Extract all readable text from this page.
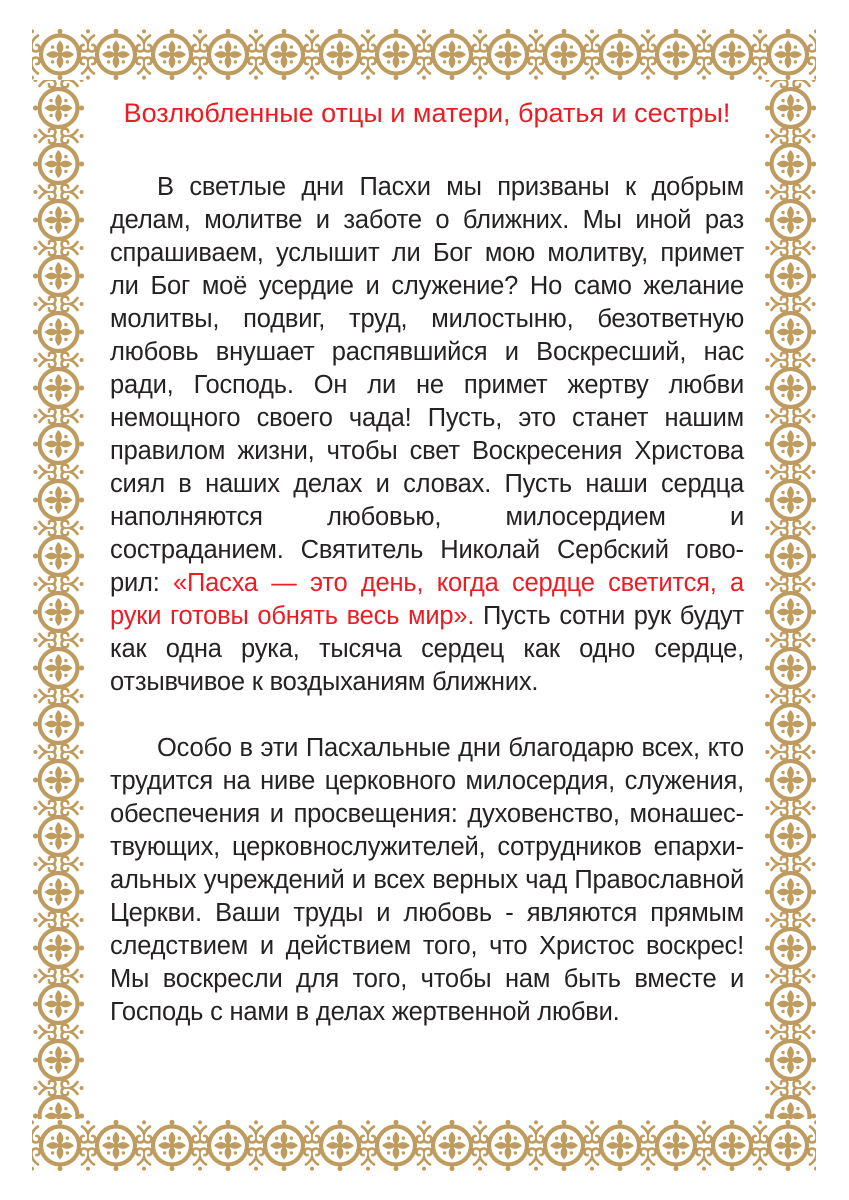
Возлюбленные отцы и матери, братья и сестры!

В светлые дни Пасхи мы призваны к добрым делам, молитве и заботе о ближних. Мы иной раз спрашиваем, услышит ли Бог мою молитву, примет ли Бог моё усердие и служение? Но само желание молитвы, подвиг, труд, милостыню, безответную любовь внушает распявшийся и Воскресший, нас ради, Господь. Он ли не примет жертву любви немощного своего чада! Пусть, это станет нашим правилом жизни, чтобы свет Воскресения Христова сиял в наших делах и словах. Пусть наши сердца наполняются любовью, милосердием и состраданием. Святитель Николай Сербский говорил: «Пасха — это день, когда сердце светится, а руки готовы обнять весь мир». Пусть сотни рук будут как одна рука, тысяча сердец как одно сердце, отзывчивое к воздыханиям ближних.

Особо в эти Пасхальные дни благодарю всех, кто трудится на ниве церковного милосердия, служения, обеспечения и просвещения: духовенство, монашествующих, церковнослужителей, сотрудников епархиальных учреждений и всех верных чад Православной Церкви. Ваши труды и любовь - являются прямым следствием и действием того, что Христос воскрес! Мы воскресли для того, чтобы нам быть вместе и Господь с нами в делах жертвенной любви.
